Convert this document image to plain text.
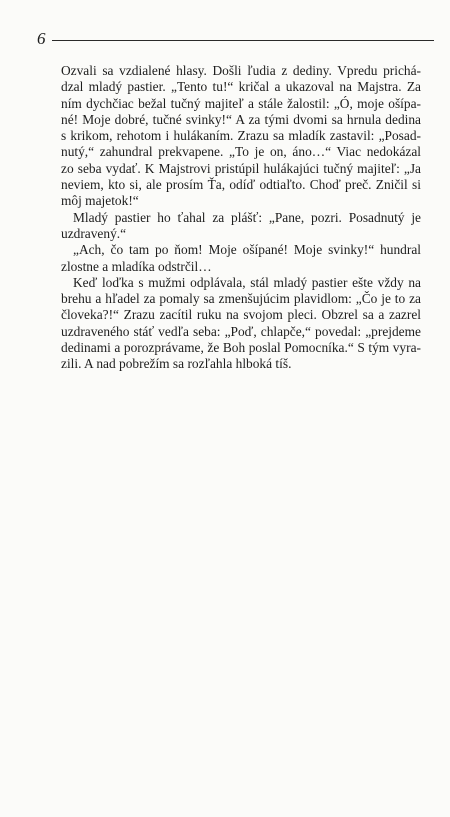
6
Ozvali sa vzdialené hlasy. Došli ľudia z dediny. Vpredu prichá-
dzal mladý pastier. „Tento tu!“ kričal a ukazoval na Majstra. Za
ním dychčiac bežal tučný majiteľ a stále žalostil: „Ó, moje ošípa-
né! Moje dobré, tučné svinky!“ A za tými dvomi sa hrnula dedina
s krikom, rehotom i hulákaním. Zrazu sa mladík zastavil: „Posad-
nutý,“ zahundral prekvapene. „To je on, áno…“ Viac nedokázal
zo seba vydať. K Majstrovi pristúpil hulákajúci tučný majiteľ: „Ja
neviem, kto si, ale prosím Ťa, odíď odtiaľto. Choď preč. Zničil si
môj majetok!“
Mladý pastier ho ťahal za plášť: „Pane, pozri. Posadnutý je
uzdravený.“
„Ach, čo tam po ňom! Moje ošípané! Moje svinky!“ hundral
zlostne a mladíka odstrčil…
Keď loďka s mužmi odplávala, stál mladý pastier ešte vždy na
brehu a hľadel za pomaly sa zmenšujúcim plavidlom: „Čo je to za
človeka?!“ Zrazu zacítil ruku na svojom pleci. Obzrel sa a zazrel
uzdraveného stáť vedľa seba: „Poď, chlapče,“ povedal: „prejdeme
dedinami a porozprávame, že Boh poslal Pomocníka.“ S tým vyra-
zili. A nad pobrežím sa rozľahla hlboká tíš.
